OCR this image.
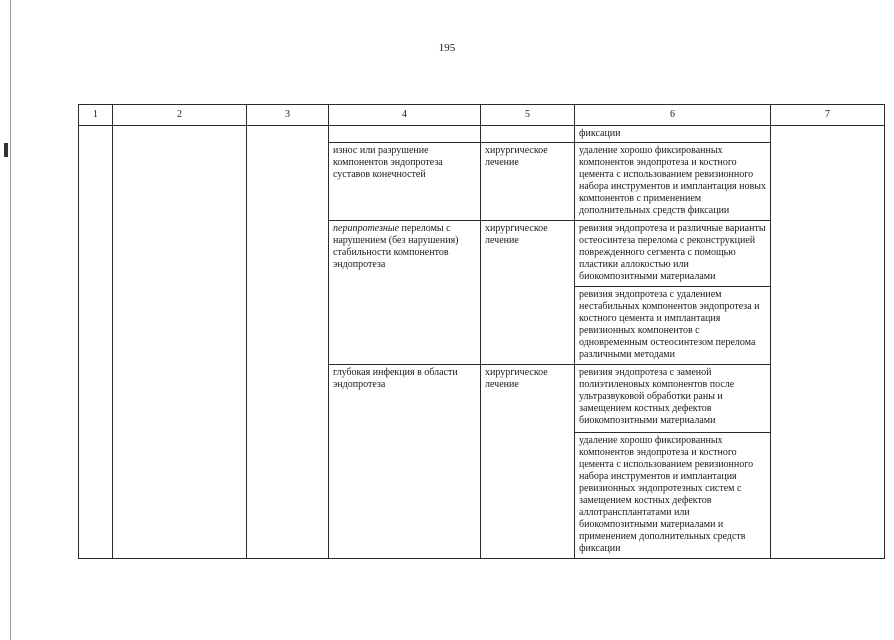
195
1	2	3	4	5	6	7
					фиксации	
			износ или разрушение компонентов эндопротеза суставов конечностей	хирургическое лечение	удаление хорошо фиксированных компонентов эндопротеза и костного цемента с использованием ревизионного набора инструментов и имплантация новых компонентов с применением дополнительных средств фиксации	
			перипротезные переломы с нарушением (без нарушения) стабильности компонентов эндопротеза	хирургическое лечение	ревизия эндопротеза и различные варианты остеосинтеза перелома с реконструкцией поврежденного сегмента с помощью пластики аллокостью или биокомпозитными материалами	
					ревизия эндопротеза с удалением нестабильных компонентов эндопротеза и костного цемента и имплантация ревизионных компонентов с одновременным остеосинтезом перелома различными методами	
			глубокая инфекция в области эндопротеза	хирургическое лечение	ревизия эндопротеза с заменой полиэтиленовых компонентов после ультразвуковой обработки раны и замещением костных дефектов биокомпозитными материалами	
					удаление хорошо фиксированных компонентов эндопротеза и костного цемента с использованием ревизионного набора инструментов и имплантация ревизионных эндопротезных систем с замещением костных дефектов аллотрансплантатами или биокомпозитными материалами и применением дополнительных средств фиксации	
